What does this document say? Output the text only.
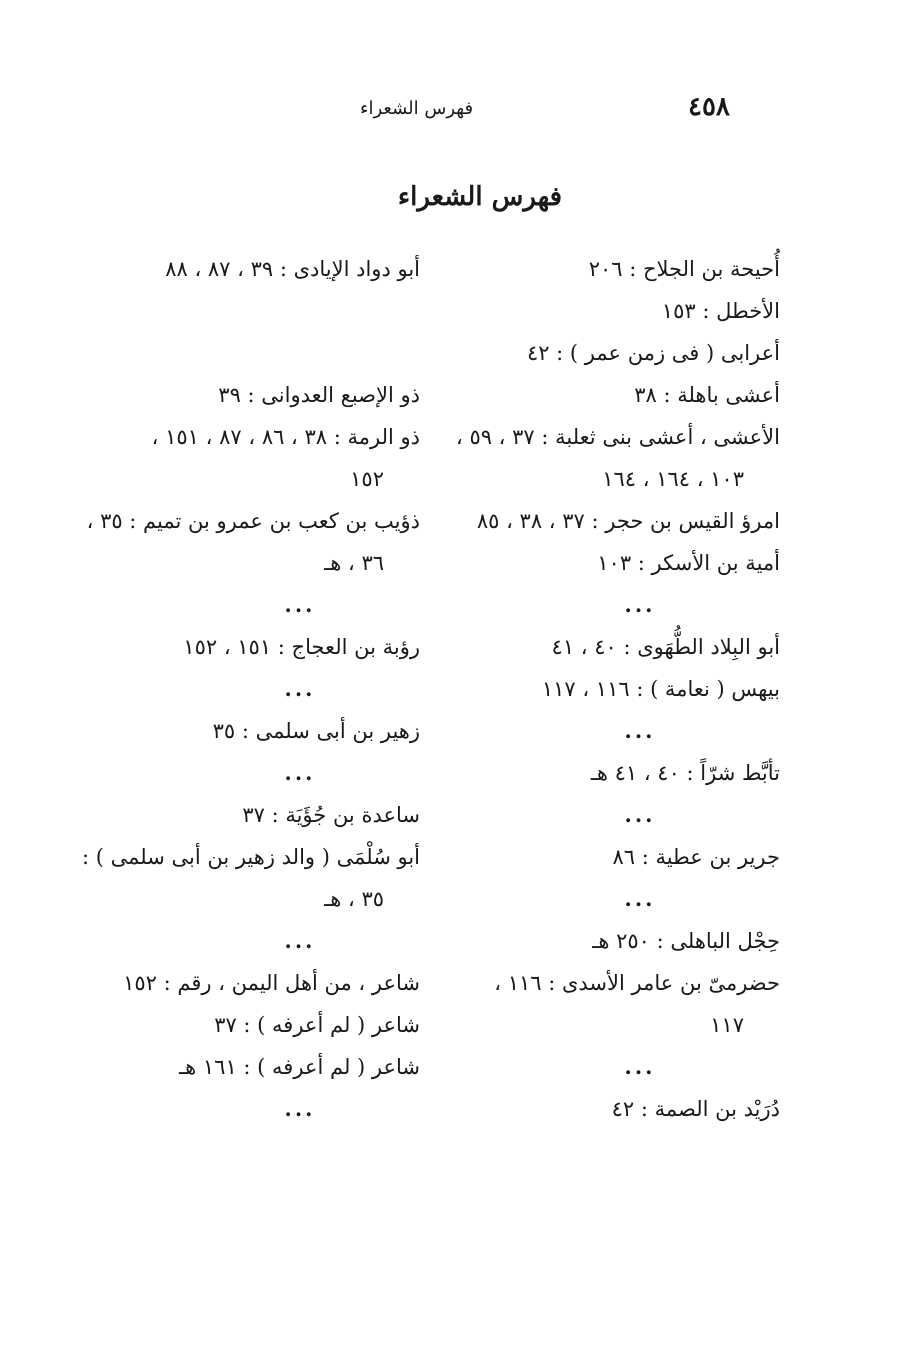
٤٥٨
فهرس الشعراء
فهرس الشعراء
أُحيحة بن الجلاح : ٢٠٦
الأخطل : ١٥٣
أعرابى ( فى زمن عمر ) : ٤٢
أعشى باهلة : ٣٨
الأعشى ، أعشى بنى ثعلبة : ٣٧ ، ٥٩ ،
١٠٣ ، ١٦٤ ، ١٦٤
امرؤ القيس بن حجر : ٣٧ ، ٣٨ ، ٨٥
أمية بن الأسكر : ١٠٣
...
أبو البِلاد الطُّهَوى : ٤٠ ، ٤١
بيهس ( نعامة ) : ١١٦ ، ١١٧
...
تأبَّط شرّاً : ٤٠ ، ٤١ هـ
...
جرير بن عطية : ٨٦
...
حِجْل الباهلى : ٢٥٠ هـ
حضرمىّ بن عامر الأسدى : ١١٦ ،
١١٧
...
دُرَيْد بن الصمة : ٤٢
أبو دواد الإيادى : ٣٩ ، ٨٧ ، ٨٨
ذو الإصبع العدوانى : ٣٩
ذو الرمة : ٣٨ ، ٨٦ ، ٨٧ ، ١٥١ ،
١٥٢
ذؤيب بن كعب بن عمرو بن تميم : ٣٥ ،
٣٦ ، هـ
...
رؤبة بن العجاج : ١٥١ ، ١٥٢
...
زهير بن أبى سلمى : ٣٥
...
ساعدة بن جُؤَيَة : ٣٧
أبو سُلْمَى ( والد زهير بن أبى سلمى ) :
٣٥ ، هـ
...
شاعر ، من أهل اليمن ، رقم : ١٥٢
شاعر ( لم أعرفه ) : ٣٧
شاعر ( لم أعرفه ) : ١٦١ هـ
...
